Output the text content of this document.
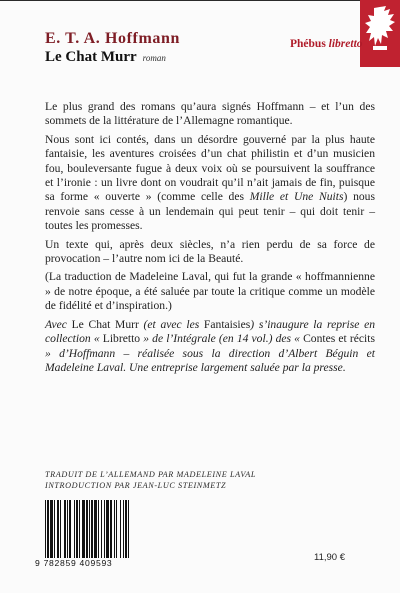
Phébus libretto
E. T. A. Hoffmann
Le Chat Murr roman

Le plus grand des romans qu’aura signés Hoffmann – et l’un des sommets de la littérature de l’Allemagne romantique.

Nous sont ici contés, dans un désordre gouverné par la plus haute fantaisie, les aventures croisées d’un chat philistin et d’un musicien fou, bouleversante fugue à deux voix où se poursuivent la souffrance et l’ironie : un livre dont on voudrait qu’il n’ait jamais de fin, puisque sa forme « ouverte » (comme celle des Mille et Une Nuits) nous renvoie sans cesse à un lendemain qui peut tenir – qui doit tenir – toutes les promesses.

Un texte qui, après deux siècles, n’a rien perdu de sa force de provocation – l’autre nom ici de la Beauté.

(La traduction de Madeleine Laval, qui fut la grande « hoffmannienne » de notre époque, a été saluée par toute la critique comme un modèle de fidélité et d’inspiration.)

Avec Le Chat Murr (et avec les Fantaisies) s’inaugure la reprise en collection « Libretto » de l’Intégrale (en 14 vol.) des « Contes et récits » d’Hoffmann – réalisée sous la direction d’Albert Béguin et Madeleine Laval. Une entreprise largement saluée par la presse.

TRADUIT DE L’ALLEMAND PAR MADELEINE LAVAL
INTRODUCTION PAR JEAN-LUC STEINMETZ
9 782859 409593	11,90 €
